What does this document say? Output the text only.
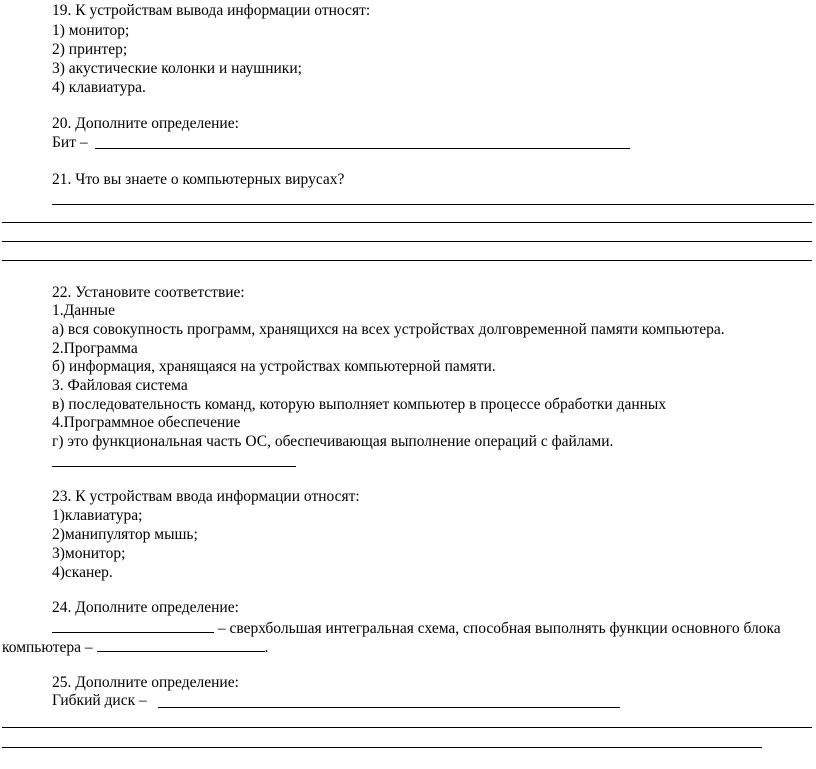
19. К устройствам вывода информации относят:
1) монитор;
2) принтер;
3) акустические колонки и наушники;
4) клавиатура.
20. Дополните определение:
Бит –
21. Что вы знаете о компьютерных вирусах?
22. Установите соответствие:
1.Данные
а) вся совокупность программ, хранящихся на всех устройствах долговременной памяти компьютера.
2.Программа
б) информация, хранящаяся на устройствах компьютерной памяти.
3. Файловая система
в) последовательность команд, которую выполняет компьютер в процессе обработки данных
4.Программное обеспечение
г) это функциональная часть ОС, обеспечивающая выполнение операций с файлами.
23. К устройствам ввода информации относят:
1)клавиатура;
2)манипулятор мышь;
3)монитор;
4)сканер.
24. Дополните определение:
– сверхбольшая интегральная схема, способная выполнять функции основного блока
компьютера –	.
25. Дополните определение:
Гибкий диск –
